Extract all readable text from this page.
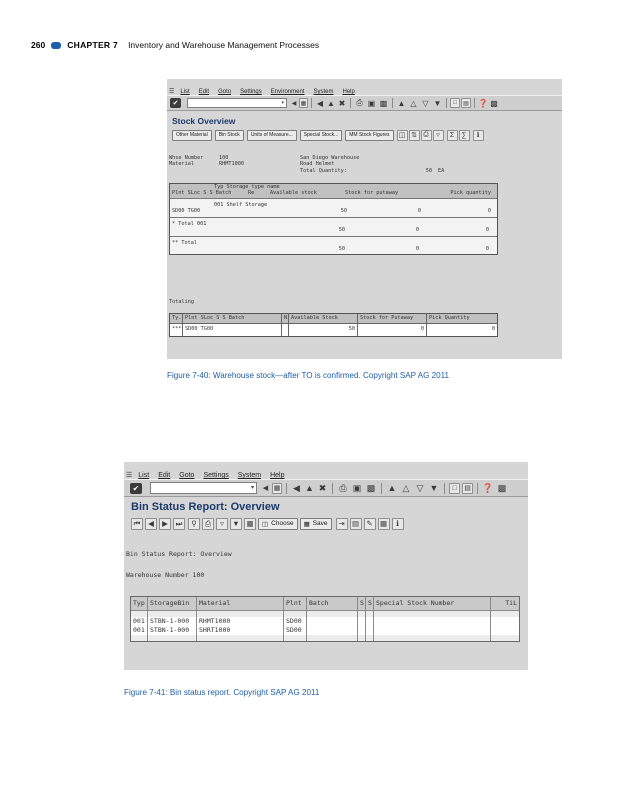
260	CHAPTER 7 Inventory and Warehouse Management Processes
☰ List Edit Goto Settings Environment System Help
✔	▾ ◀ ▦ ◀ ▲ ✖ ⎙ ▣ ▩ ▲ △ ▽ ▼	□	▤ ❓ ▩
Stock Overview
Other Material	Bin Stock	Units of Measure...	Special Stock...	MM Stock Figures	◫ ⇅ ⎙	▿	Σ	∑	ℹ
Whse Number	100	San Diego Warehouse
Material	RHMT1000	Road Helmet
Total Quantity:	50 EA
Typ Storage type name
Plnt SLoc S S Batch	Re	Available stock	Stock for putaway	Pick quantity
001 Shelf Storage
SD00 TG00	50	0	0
* Total 001
50	0	0
** Total
50	0	0
Totaling
Ty.
***
Plnt SLoc S S Batch
SD00 TG00
N Available Stock
50
Stock for Putaway
0
Pick Quantity
0
Figure 7-40: Warehouse stock—after TO is confirmed. Copyright SAP AG 2011
☰ List Edit Goto Settings System Help
✔	▾ ◀ ▦ ◀ ▲ ✖ ⎙ ▣ ▩ ▲ △ ▽ ▼	□	▤ ❓ ▩
Bin Status Report: Overview
⏮	◀	▶	⏭	⚲	⎙	▿	▼ ▦	◫ Choose ▦ Save	⇥ ▤ ✎ ▦	ℹ
Bin Status Report: Overview
Warehouse Number 100
Typ
001
001
StorageBin
STBN-1-000
STBN-1-000
Material
RHMT1000
SHRT1000
Plnt
SD00
SD00
Batch	S S Special Stock Number	TiL
Figure 7-41: Bin status report. Copyright SAP AG 2011
